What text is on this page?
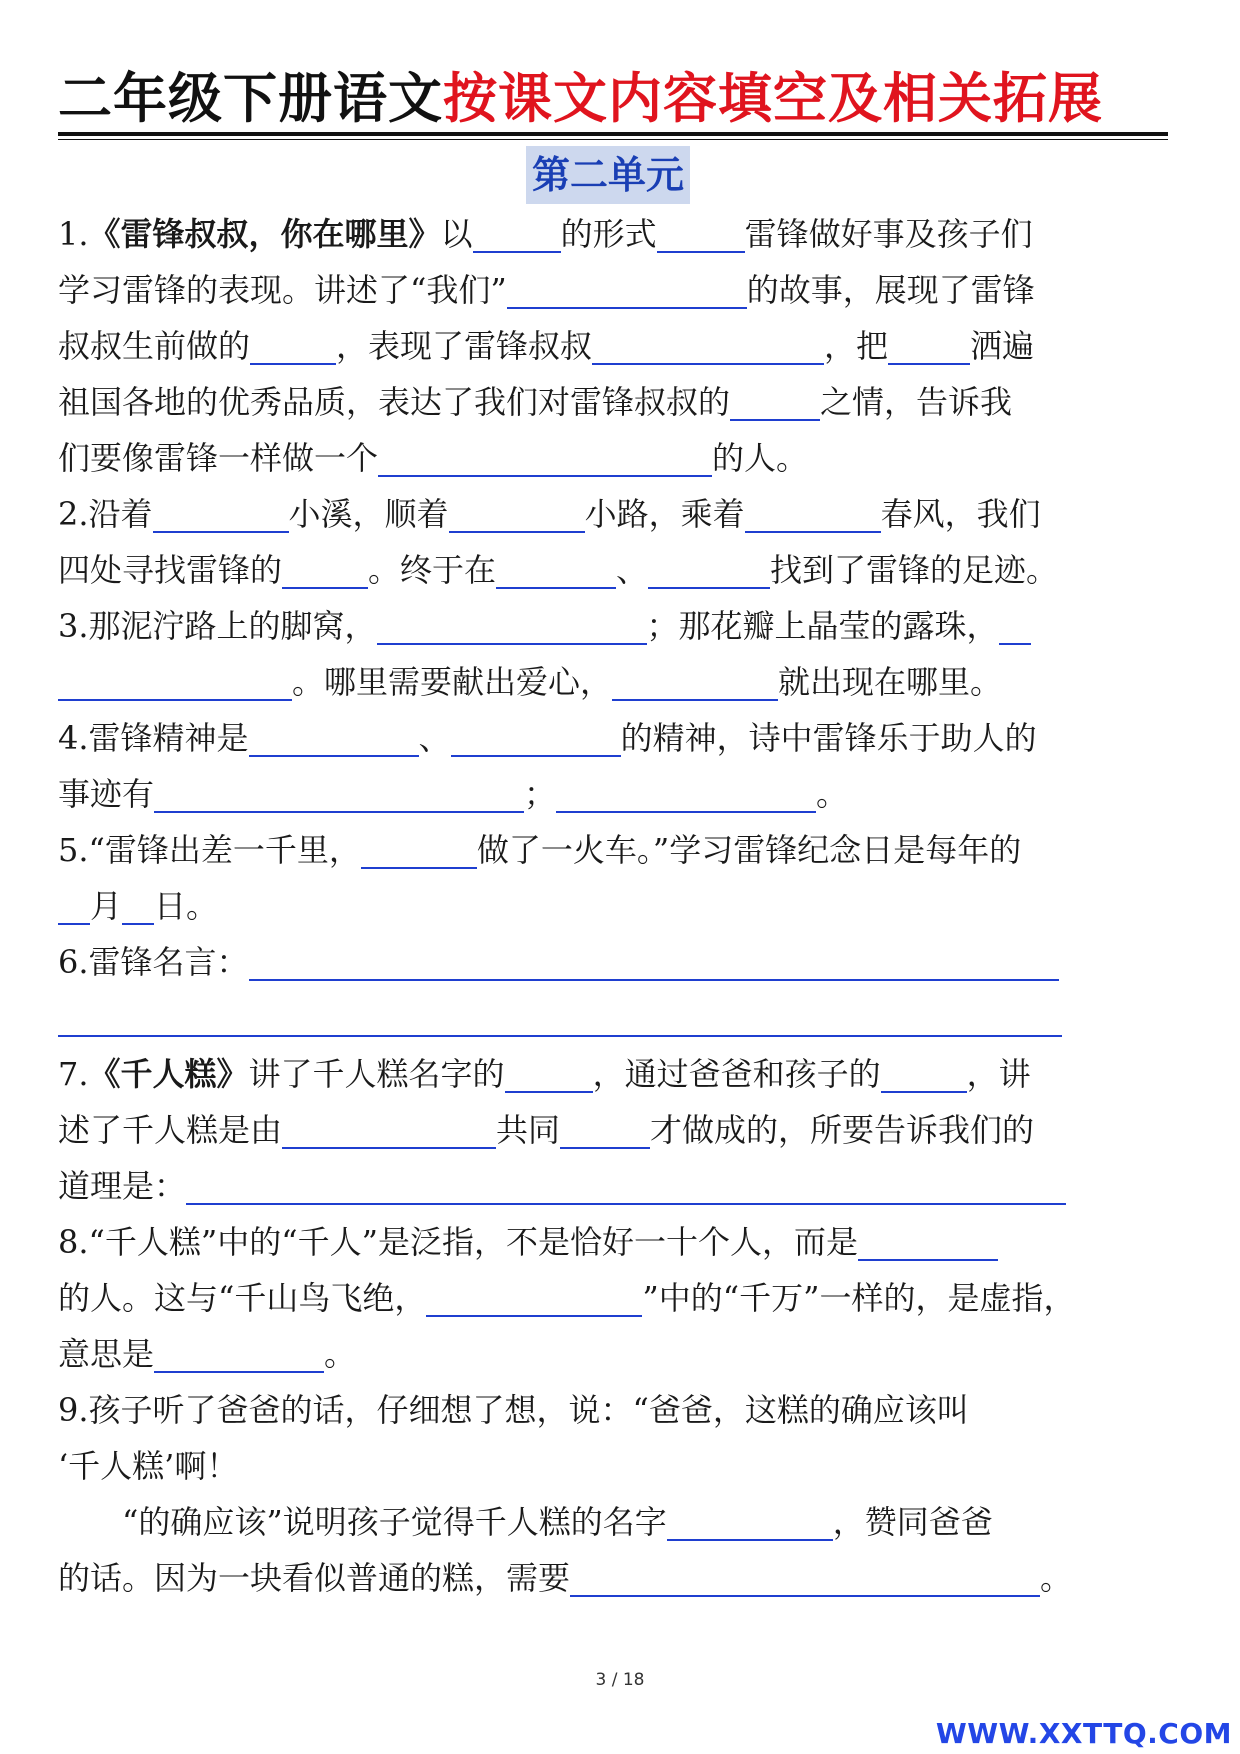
二年级下册语文按课文内容填空及相关拓展
第二单元
1.《雷锋叔叔，你在哪里》以	的形式	雷锋做好事及孩子们
学习雷锋的表现。讲述了“我们”	的故事，展现了雷锋
叔叔生前做的	，表现了雷锋叔叔	，把	洒遍
祖国各地的优秀品质，表达了我们对雷锋叔叔的	之情，告诉我
们要像雷锋一样做一个	的人。
2.沿着	小溪，顺着	小路，乘着	春风，我们
四处寻找雷锋的	。终于在	、	找到了雷锋的足迹。
3.那泥泞路上的脚窝，	；那花瓣上晶莹的露珠，
。哪里需要献出爱心，	就出现在哪里。
4.雷锋精神是	、	的精神，诗中雷锋乐于助人的
事迹有	；	。
5.“雷锋出差一千里，	做了一火车。”学习雷锋纪念日是每年的
月 日。
6.雷锋名言：
7.《千人糕》讲了千人糕名字的	，通过爸爸和孩子的	，讲
述了千人糕是由	共同	才做成的，所要告诉我们的
道理是：
8.“千人糕”中的“千人”是泛指，不是恰好一十个人，而是
的人。这与“千山鸟飞绝，	”中的“千万”一样的，是虚指，
意思是	。
9.孩子听了爸爸的话，仔细想了想，说：“爸爸，这糕的确应该叫
‘千人糕’啊！
“的确应该”说明孩子觉得千人糕的名字	，赞同爸爸
的话。因为一块看似普通的糕，需要	。
3 / 18
WWW.XXTTQ.COM
